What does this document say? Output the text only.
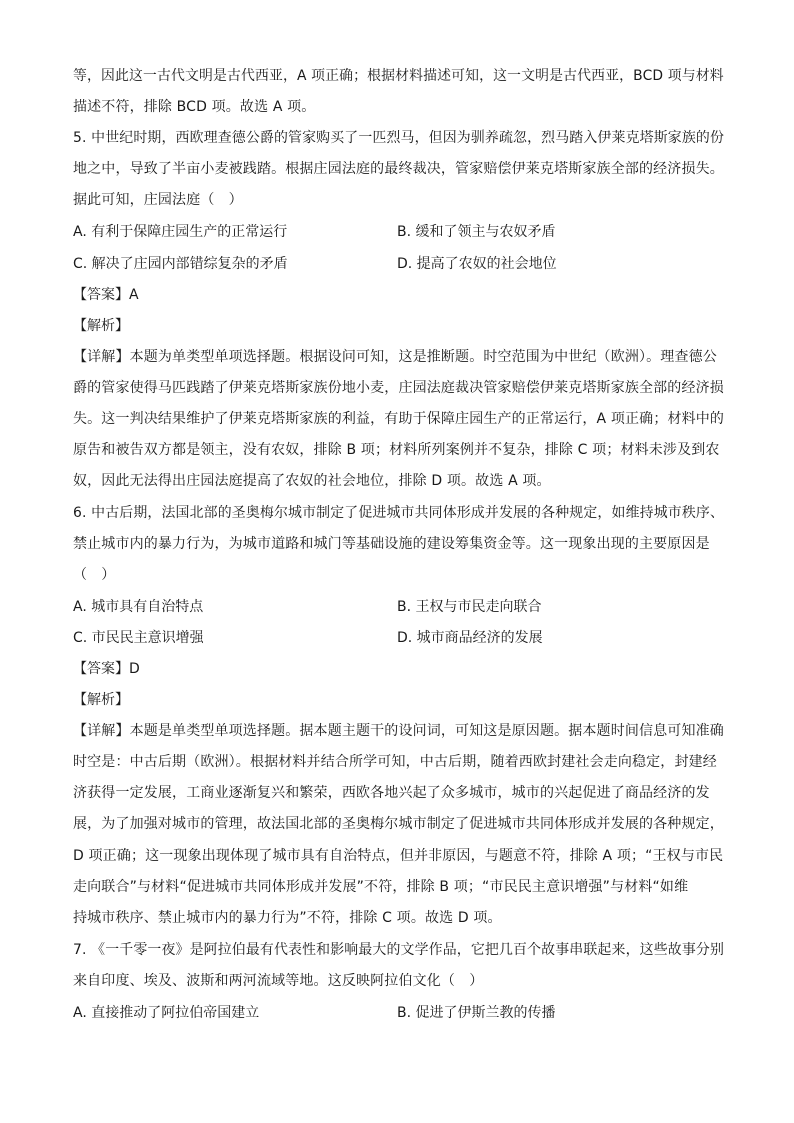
等，因此这一古代文明是古代西亚，A 项正确；根据材料描述可知，这一文明是古代西亚，BCD 项与材料
描述不符，排除 BCD 项。故选 A 项。
5. 中世纪时期，西欧理查德公爵的管家购买了一匹烈马，但因为驯养疏忽，烈马踏入伊莱克塔斯家族的份
地之中，导致了半亩小麦被践踏。根据庄园法庭的最终裁决，管家赔偿伊莱克塔斯家族全部的经济损失。
据此可知，庄园法庭（　）
A. 有利于保障庄园生产的正常运行	B. 缓和了领主与农奴矛盾
C. 解决了庄园内部错综复杂的矛盾	D. 提高了农奴的社会地位
【答案】A
【解析】
【详解】本题为单类型单项选择题。根据设问可知，这是推断题。时空范围为中世纪（欧洲）。理查德公
爵的管家使得马匹践踏了伊莱克塔斯家族份地小麦，庄园法庭裁决管家赔偿伊莱克塔斯家族全部的经济损
失。这一判决结果维护了伊莱克塔斯家族的利益，有助于保障庄园生产的正常运行，A 项正确；材料中的
原告和被告双方都是领主，没有农奴，排除 B 项；材料所列案例并不复杂，排除 C 项；材料未涉及到农
奴，因此无法得出庄园法庭提高了农奴的社会地位，排除 D 项。故选 A 项。
6. 中古后期，法国北部的圣奥梅尔城市制定了促进城市共同体形成并发展的各种规定，如维持城市秩序、
禁止城市内的暴力行为，为城市道路和城门等基础设施的建设筹集资金等。这一现象出现的主要原因是
（　）
A. 城市具有自治特点	B. 王权与市民走向联合
C. 市民民主意识增强	D. 城市商品经济的发展
【答案】D
【解析】
【详解】本题是单类型单项选择题。据本题主题干的设问词，可知这是原因题。据本题时间信息可知准确
时空是：中古后期（欧洲）。根据材料并结合所学可知，中古后期，随着西欧封建社会走向稳定，封建经
济获得一定发展，工商业逐渐复兴和繁荣，西欧各地兴起了众多城市，城市的兴起促进了商品经济的发
展，为了加强对城市的管理，故法国北部的圣奥梅尔城市制定了促进城市共同体形成并发展的各种规定，
D 项正确；这一现象出现体现了城市具有自治特点，但并非原因，与题意不符，排除 A 项；“王权与市民
走向联合”与材料“促进城市共同体形成并发展”不符，排除 B 项；“市民民主意识增强”与材料“如维
持城市秩序、禁止城市内的暴力行为”不符，排除 C 项。故选 D 项。
7. 《一千零一夜》是阿拉伯最有代表性和影响最大的文学作品，它把几百个故事串联起来，这些故事分别
来自印度、埃及、波斯和两河流域等地。这反映阿拉伯文化（　）
A. 直接推动了阿拉伯帝国建立	B. 促进了伊斯兰教的传播
